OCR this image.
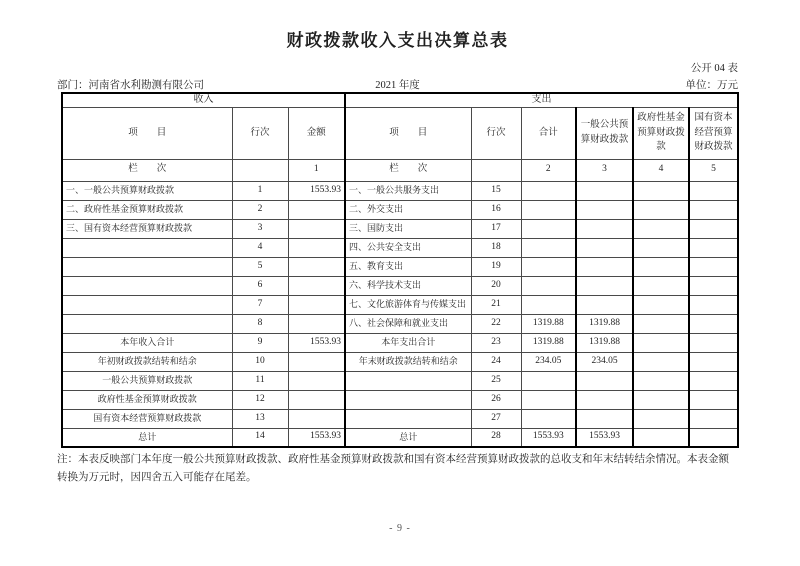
财政拨款收入支出决算总表
公开 04 表
部门：河南省水利勘测有限公司	2021 年度	单位：万元
收入			支出					
项　　目	行次	金额	项　　目	行次	合计	一般公共预算财政拨款	政府性基金预算财政拨款	国有资本经营预算财政拨款
栏　　次		1	栏　　次		2	3	4	5
一、一般公共预算财政拨款	1	1553.93	一、一般公共服务支出	15				
二、政府性基金预算财政拨款	2		二、外交支出	16				
三、国有资本经营预算财政拨款	3		三、国防支出	17				
	4		四、公共安全支出	18				
	5		五、教育支出	19				
	6		六、科学技术支出	20				
	7		七、文化旅游体育与传媒支出	21				
	8		八、社会保障和就业支出	22	1319.88	1319.88		
本年收入合计	9	1553.93	本年支出合计	23	1319.88	1319.88		
年初财政拨款结转和结余	10		年末财政拨款结转和结余	24	234.05	234.05		
一般公共预算财政拨款	11			25				
政府性基金预算财政拨款	12			26				
国有资本经营预算财政拨款	13			27				
总计	14	1553.93	总计	28	1553.93	1553.93		
注：本表反映部门本年度一般公共预算财政拨款、政府性基金预算财政拨款和国有资本经营预算财政拨款的总收支和年末结转结余情况。本表金额
转换为万元时，因四舍五入可能存在尾差。
- 9 -
